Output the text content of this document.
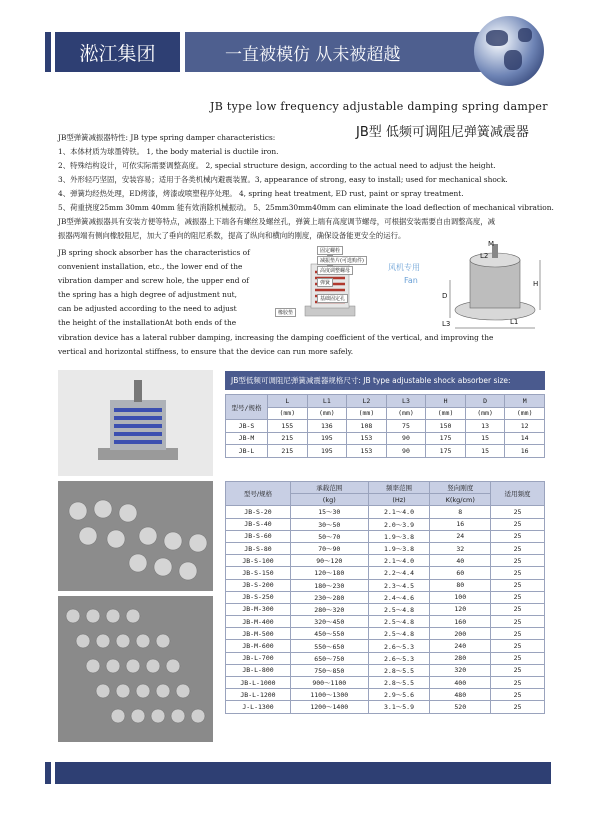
淞江集团	一直被模仿 从未被超越
JB type low frequency adjustable damping spring damper
JB型 低频可调阻尼弹簧减震器
JB型弹簧减振器特性: JB type spring damper characteristics:
1、本体材质为球墨铸铁。 1, the body material is ductile iron.
2、特殊结构设计，可依实际需要调整高度。 2, special structure design, according to the actual need to adjust the height.
3、外形轻巧坚固，安装容易；适用于各类机械内避震装置。3, appearance of strong, easy to install; used for mechanical shock.
4、弹簧均经热处理，ED烤漆，烤漆或喷塑程序处理。 4, spring heat treatment, ED rust, paint or spray treatment.
5、荷重挠度25mm 30mm 40mm 能有效消除机械振动。 5、25mm30mm40mm can eliminate the load deflection of mechanical vibration.
JB型弹簧减振器具有安装方便等特点，减振器上下端各有螺丝及螺丝孔，弹簧上端有高度调节螺母，可根据安装需要自由调整高度，减
振器两端有侧向橡胶阻尼，加大了垂向的阻尼系数，提高了纵向和横向的刚度，确保设备能更安全的运行。
JB spring shock absorber has the characteristics of
convenient installation, etc., the lower end of the
vibration damper and screw hole, the upper end of
the spring has a high degree of adjustment nut,
can be adjusted according to the need to adjust
the height of the installationAt both ends of the
vibration device has a lateral rubber damping, increasing the damping coefficient of the vertical, and improving the
vertical and horizontal stiffness, to ensure that the device can run more safely.
固定螺栓
减振垫片(可选购件)
高度调整螺母
弹簧
基础固定孔
橡胶垫
风机专用
Fan
M
L2
H
D
L1
L3
JB型低频可调阻尼弹簧减震器规格尺寸: JB type adjustable shock absorber size:
型号/规格	L	L1	L2	L3	H	D	M
	(mm)	(mm)	(mm)	(mm)	(mm)	(mm)	(mm)
JB-S	155	136	108	75	150	13	12
JB-M	215	195	153	90	175	15	14
JB-L	215	195	153	90	175	15	16
型号/规格	承载范围	频率范围	竖向刚度	适用频度
	(kg)	(Hz)	K(kg/cm)	
JB-S-20	15～30	2.1～4.0	8	25
JB-S-40	30～50	2.0～3.9	16	25
JB-S-60	50～70	1.9～3.8	24	25
JB-S-80	70～90	1.9～3.8	32	25
JB-S-100	90～120	2.1～4.0	40	25
JB-S-150	120～180	2.2～4.4	60	25
JB-S-200	180～230	2.3～4.5	80	25
JB-S-250	230～280	2.4～4.6	100	25
JB-M-300	280～320	2.5～4.8	120	25
JB-M-400	320～450	2.5～4.8	160	25
JB-M-500	450～550	2.5～4.8	200	25
JB-M-600	550～650	2.6～5.3	240	25
JB-L-700	650～750	2.6～5.3	280	25
JB-L-800	750～850	2.8～5.5	320	25
JB-L-1000	900～1100	2.8～5.5	400	25
JB-L-1200	1100～1300	2.9～5.6	480	25
J-L-1300	1200～1400	3.1～5.9	520	25
